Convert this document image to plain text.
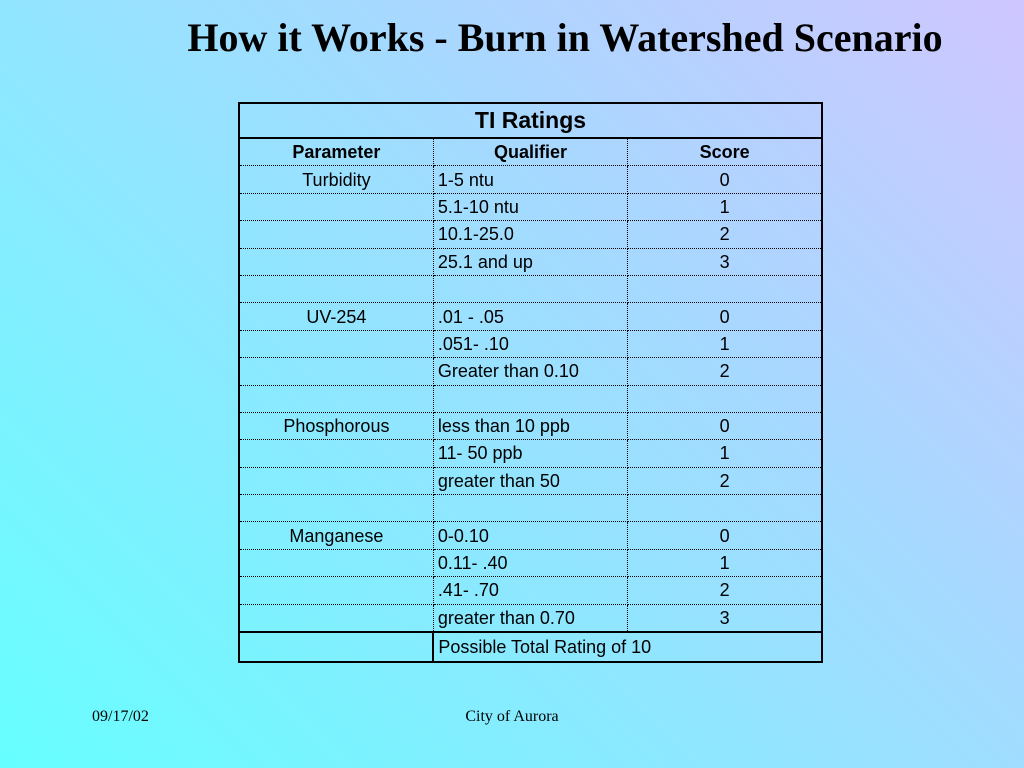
How it Works - Burn in Watershed Scenario
TI Ratings		
Parameter	Qualifier	Score
Turbidity	1-5 ntu	0
	5.1-10 ntu	1
	10.1-25.0	2
	25.1 and up	3

UV-254	.01 - .05	0
	.051- .10	1
	Greater than 0.10	2

Phosphorous	less than 10 ppb	0
	11- 50 ppb	1
	greater than 50	2

Manganese	0-0.10	0
	0.11- .40	1
	.41- .70	2
	greater than 0.70	3
	Possible Total Rating of 10	
09/17/02	City of Aurora
